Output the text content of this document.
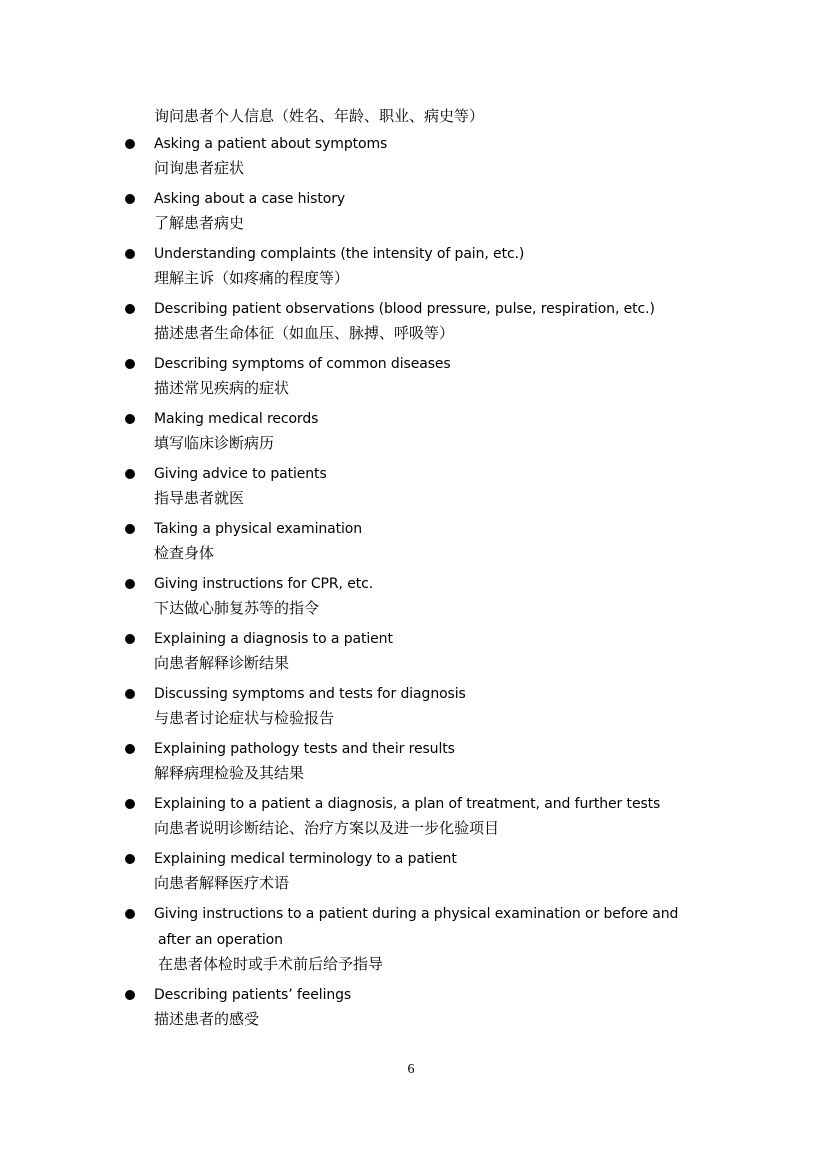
询问患者个人信息（姓名、年龄、职业、病史等）
Asking a patient about symptoms
问询患者症状
Asking about a case history
了解患者病史
Understanding complaints (the intensity of pain, etc.)
理解主诉（如疼痛的程度等）
Describing patient observations (blood pressure, pulse, respiration, etc.)
描述患者生命体征（如血压、脉搏、呼吸等）
Describing symptoms of common diseases
描述常见疾病的症状
Making medical records
填写临床诊断病历
Giving advice to patients
指导患者就医
Taking a physical examination
检查身体
Giving instructions for CPR, etc.
下达做心肺复苏等的指令
Explaining a diagnosis to a patient
向患者解释诊断结果
Discussing symptoms and tests for diagnosis
与患者讨论症状与检验报告
Explaining pathology tests and their results
解释病理检验及其结果
Explaining to a patient a diagnosis, a plan of treatment, and further tests
向患者说明诊断结论、治疗方案以及进一步化验项目
Explaining medical terminology to a patient
向患者解释医疗术语
Giving instructions to a patient during a physical examination or before and
after an operation
在患者体检时或手术前后给予指导
Describing patients’ feelings
描述患者的感受
6
